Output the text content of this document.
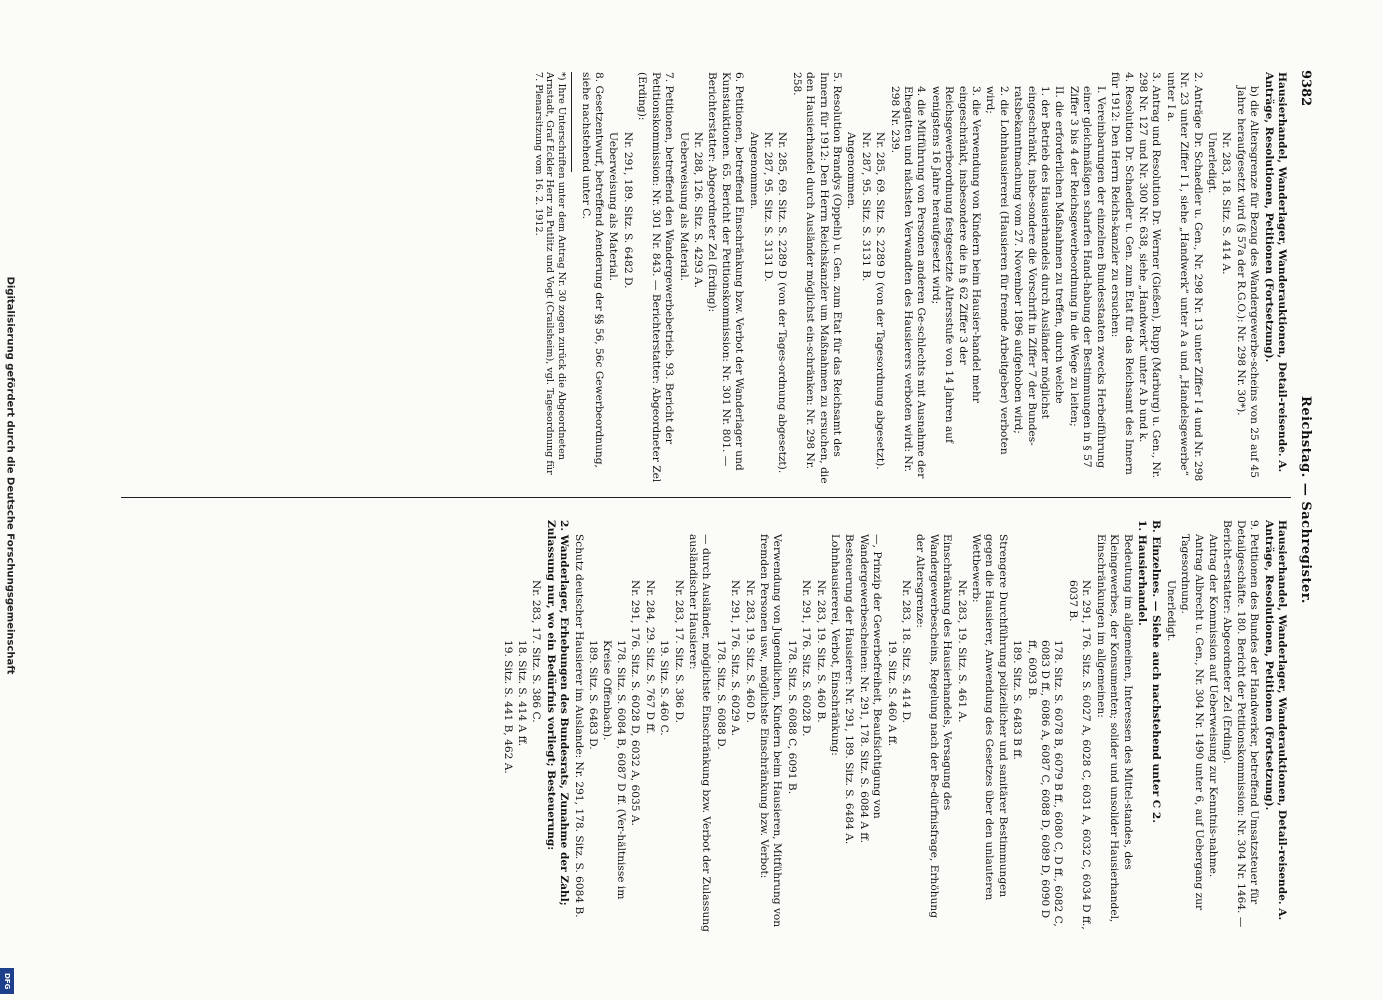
9382
Reichstag. — Sachregister.

Hausierhandel, Wanderlager, Wanderauktionen, Detail-reisende. A. Anträge, Resolutionen, Petitionen (Fortsetzung).

b) die Altersgrenze für Bezug des Wandergewerbe-scheins von 25 auf 45 Jahre heraufgesetzt wird (§ 57a der R.G.O.): Nr. 298 Nr. 30*).

Nr. 283, 18. Sitz. S. 414 A.

Unerledigt.

2. Anträge Dr. Schaedler u. Gen., Nr. 298 Nr. 13 unter Ziffer I 4 und Nr. 298 Nr. 23 unter Ziffer I 1, siehe „Handwerk“ unter A a und „Handelsgewerbe“ unter I a.

3. Antrag und Resolution Dr. Werner (Gießen), Rupp (Marburg) u. Gen., Nr. 298 Nr. 127 und Nr. 300 Nr. 638, siehe „Handwerk“ unter A b und k.

4. Resolution Dr. Schaedler u. Gen. zum Etat für das Reichsamt des Innern für 1912: Den Herrn Reichs-kanzler zu ersuchen:

I. Vereinbarungen der einzelnen Bundesstaaten zwecks Herbeiführung einer gleichmäßigen scharfen Hand-habung der Bestimmungen in § 57 Ziffer 3 bis 4 der Reichsgewerbeordnung in die Wege zu leiten;

II. die erforderlichen Maßnahmen zu treffen, durch welche

1. der Betrieb des Hausierhandels durch Ausländer möglichst eingeschränkt, insbe-sondere die Vorschrift in Ziffer 7 der Bundes-ratsbekanntmachung vom 27. November 1896 aufgehoben wird;

2. die Lohnhausiererei (Hausieren für fremde Arbeitgeber) verboten wird;

3. die Verwendung von Kindern beim Hausier-handel mehr eingeschränkt, insbesondere die in § 62 Ziffer 3 der Reichsgewerbeordnung festgesetzte Altersstufe von 14 Jahren auf wenigstens 16 Jahre heraufgesetzt wird;

4. die Mitführung von Personen anderen Ge-schlechts mit Ausnahme der Ehegatten und nächsten Verwandten des Hausierers verboten wird: Nr. 298 Nr. 239.

Nr. 285, 69. Sitz. S. 2289 D (von der Tagesordnung abgesetzt).

Nr. 287, 95. Sitz. S. 3131 B.

Angenommen.

5. Resolution Brandys (Oppeln) u. Gen. zum Etat für das Reichsamt des Innern für 1912: Den Herrn Reichskanzler um Maßnahmen zu ersuchen, die den Hausierhandel durch Ausländer möglichst ein-schränken: Nr. 298 Nr. 258.

Nr. 285, 69. Sitz. S. 2289 D (von der Tages-ordnung abgesetzt).

Nr. 287, 95. Sitz. S. 3131 D.

Angenommen.

6. Petitionen, betreffend Einschränkung bzw. Verbot der Wanderlager und Kunstauktionen. 65. Bericht der Petitionskommission: Nr. 301 Nr. 801. — Berichterstatter: Abgeordneter Zel (Erding):

Nr. 288, 126. Sitz. S. 4293 A.

Ueberweisung als Material.

7. Petitionen, betreffend den Wandergewerbebetrieb. 93. Bericht der Petitionskommission: Nr. 301 Nr. 843. — Berichterstatter: Abgeordneter Zel (Erding):

Nr. 291, 189. Sitz. S. 6482 D.

Ueberweisung als Material.

8. Gesetzentwurf, betreffend Aenderung der §§ 56, 56c Gewerbeordnung, siehe nachstehend unter C.

*) Ihre Unterschriften unter dem Antrag Nr. 30 zogen zurück die Abgeordneten Arnstadt, Graf Eckler Herr zu Putlitz und Vogt (Crailsheim), vgl. Tagesordnung für 7. Plenarsitzung vom 16. 2. 1912.

Hausierhandel, Wanderlager, Wanderauktionen, Detail-reisende. A. Anträge, Resolutionen, Petitionen (Fortsetzung).

9. Petitionen des Bundes der Handwerker, betreffend Umsatzsteuer für Detailgeschäfte. 180. Bericht der Petitionskommission: Nr. 304 Nr. 1464. — Bericht-erstatter: Abgeordneter Zel (Erding).

Antrag der Kommission auf Ueberweisung zur Kenntnis-nahme.

Antrag Albrecht u. Gen., Nr. 304 Nr. 1490 unter 6, auf Uebergang zur Tagesordnung.

Unerledigt.

B. Einzelnes. — Siehe auch nachstehend unter C 2.

1. Hausierhandel.

Bedeutung im allgemeinen, Interessen des Mittel-standes, des Kleingewerbes, der Konsumenten; solider und unsolider Hausierhandel, Einschränkungen im allgemeinen:

Nr. 291, 176. Sitz. S. 6027 A, 6028 C, 6031 A, 6032 C, 6034 D ff., 6037 B.

178. Sitz. S. 6078 B, 6079 B ff., 6080 C, D ff., 6082 C, 6083 D ff., 6086 A, 6087 C, 6088 D, 6089 D, 6090 D ff., 6093 B.

189. Sitz. S. 6483 B ff.

Strengere Durchführung polizeilicher und sanitärer Bestimmungen gegen die Hausierer, Anwendung des Gesetzes über den unlauteren Wettbewerb:

Nr. 283, 19. Sitz. S. 461 A.

Einschränkung des Hausierhandels, Versagung des Wandergewerbescheins, Regelung nach der Be-dürfnisfrage, Erhöhung der Altersgrenze:

Nr. 283, 18. Sitz. S. 414 D.

19. Sitz. S. 460 A ff.

—, Prinzip der Gewerbefreiheit, Beaufsichtigung von Wandergewerbescheinen: Nr. 291, 178. Sitz. S. 6084 A ff.

Besteuerung der Hausierer: Nr. 291, 189. Sitz. S. 6484 A.

Lohnhausiererei, Verbot, Einschränkung:

Nr. 283, 19. Sitz. S. 460 B.

Nr. 291, 176. Sitz. S. 6028 D.

178. Sitz. S. 6088 C, 6091 B.

Verwendung von Jugendlichen, Kindern beim Hausieren, Mitführung von fremden Personen usw., möglichste Einschränkung bzw. Verbot:

Nr. 283, 19. Sitz. S. 460 D.

Nr. 291, 176. Sitz. S. 6029 A.

178. Sitz. S. 6088 D.

— durch Ausländer, möglichste Einschränkung bzw. Verbot der Zulassung ausländischer Hausierer:

Nr. 283, 17. Sitz. S. 386 D.

19. Sitz. S. 460 C.

Nr. 284, 29. Sitz. S. 767 D ff.

Nr. 291, 176. Sitz. S. 6028 D, 6032 A, 6035 A.

178. Sitz. S. 6084 B, 6087 D ff. (Ver-hältnisse im Kreise Offenbach).

189. Sitz. S. 6483 D.

Schutz deutscher Hausierer im Auslande: Nr. 291, 178. Sitz. S. 6084 B.

2. Wanderlager, Erhebungen des Bundesrats, Zunahme der Zahl; Zulassung nur, wo ein Bedürfnis vorliegt; Besteuerung:

Nr. 283, 17. Sitz. S. 386 C.

18. Sitz. S. 414 A ff.

19. Sitz. S. 441 B, 462 A.

Digitalisierung gefördert durch die Deutsche Forschungsgemeinschaft
DFG
